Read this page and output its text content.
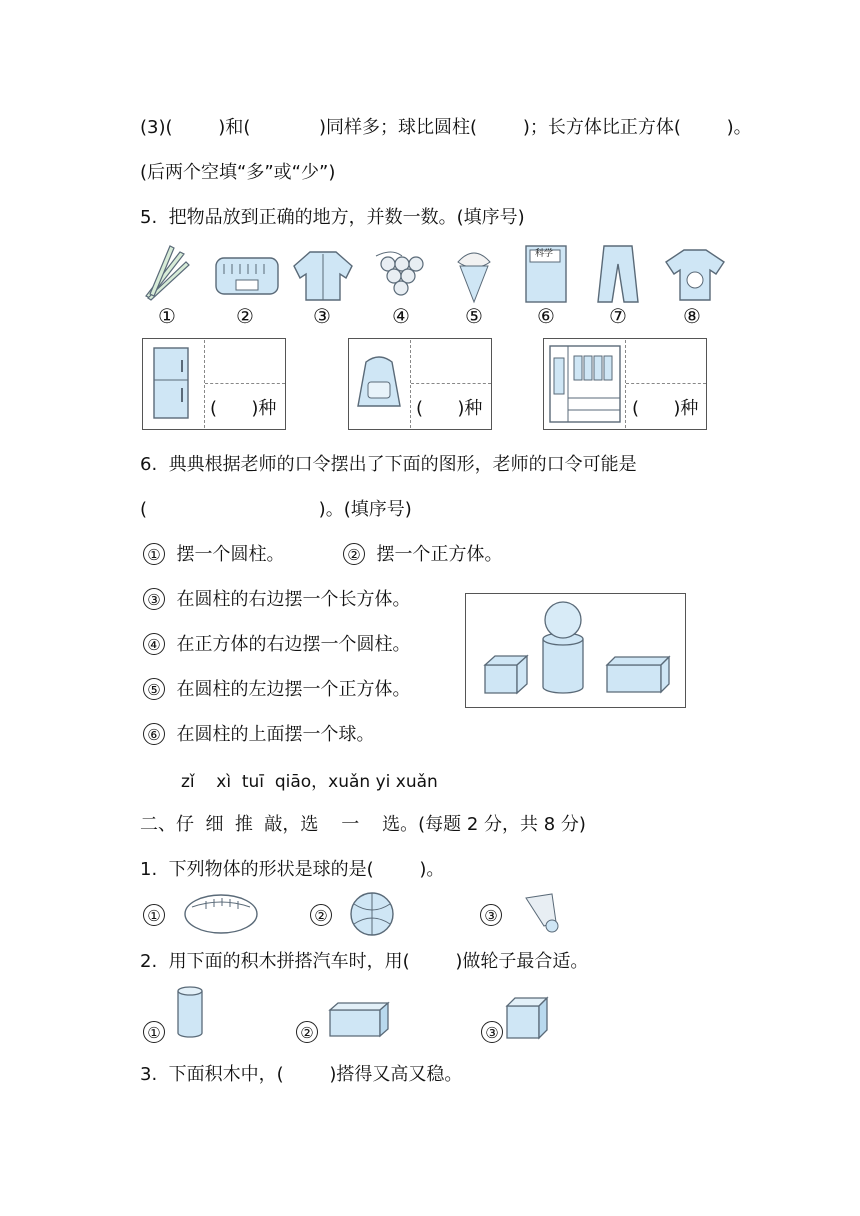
(3)(        )和(            )同样多；球比圆柱(        )；长方体比正方体(        )。
(后两个空填“多”或“少”)
5.  把物品放到正确的地方，并数一数。(填序号)
科学
①	②	③	④	⑤	⑥	⑦	⑧
(      )种	(      )种	(      )种
6.  典典根据老师的口令摆出了下面的图形，老师的口令可能是
(                              )。(填序号)
① 摆一个圆柱。	② 摆一个正方体。
③ 在圆柱的右边摆一个长方体。
④ 在正方体的右边摆一个圆柱。
⑤ 在圆柱的左边摆一个正方体。
⑥ 在圆柱的上面摆一个球。
zǐ    xì  tuī  qiāo，xuǎn yi xuǎn
二、仔  细  推  敲，选    一    选。(每题 2 分，共 8 分)
1.  下列物体的形状是球的是(        )。
①	②	③
2.  用下面的积木拼搭汽车时，用(        )做轮子最合适。
①	②	③
3.  下面积木中，(        )搭得又高又稳。
